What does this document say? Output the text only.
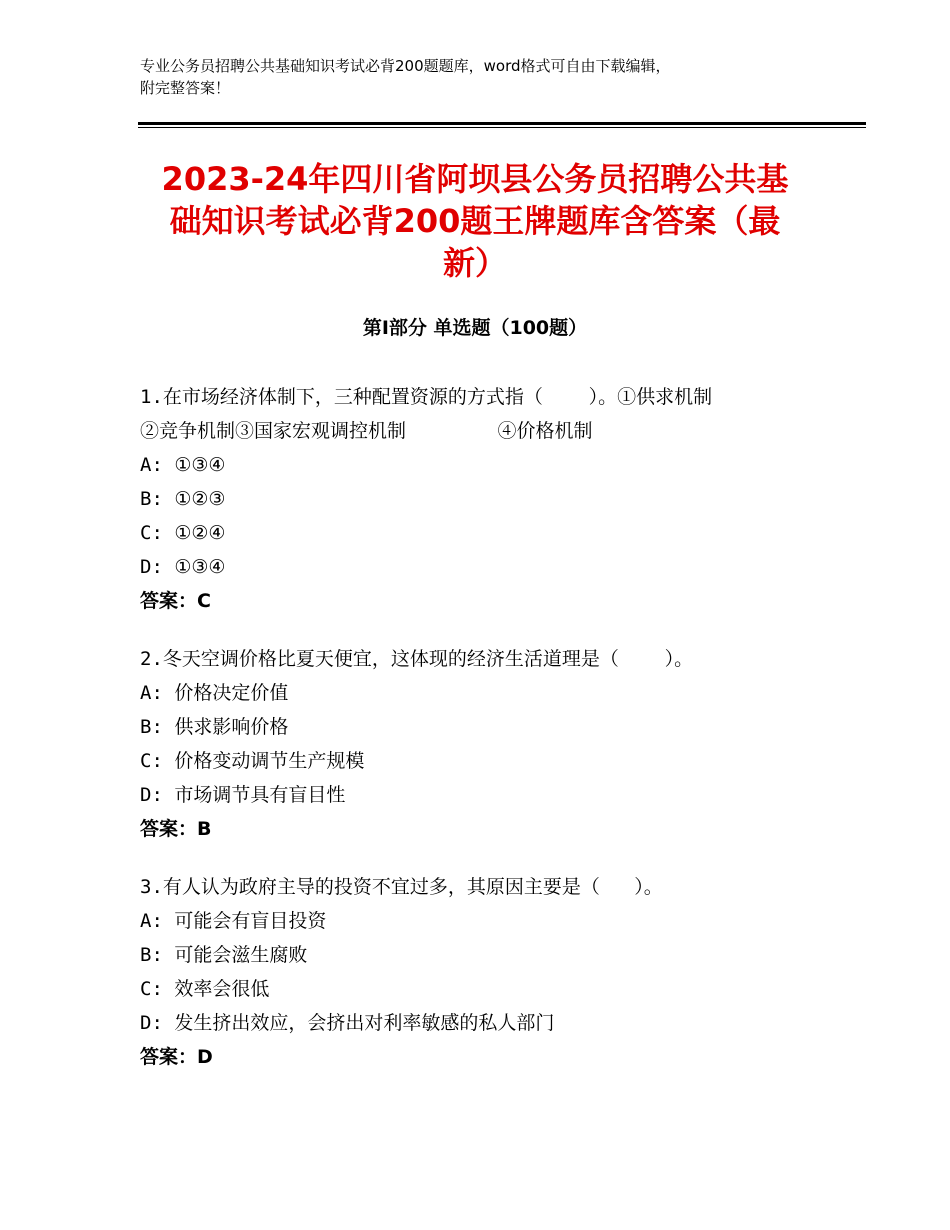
专业公务员招聘公共基础知识考试必背200题题库，word格式可自由下载编辑，
附完整答案！
2023-24年四川省阿坝县公务员招聘公共基
础知识考试必背200题王牌题库含答案（最
新）
第Ⅰ部分 单选题（100题）
1.在市场经济体制下，三种配置资源的方式指（    ）。①供求机制
②竞争机制③国家宏观调控机制        ④价格机制
A: ①③④
B: ①②③
C: ①②④
D: ①③④
答案：C
2.冬天空调价格比夏天便宜，这体现的经济生活道理是（    ）。
A: 价格决定价值
B: 供求影响价格
C: 价格变动调节生产规模
D: 市场调节具有盲目性
答案：B
3.有人认为政府主导的投资不宜过多，其原因主要是（   ）。
A: 可能会有盲目投资
B: 可能会滋生腐败
C: 效率会很低
D: 发生挤出效应，会挤出对利率敏感的私人部门
答案：D
